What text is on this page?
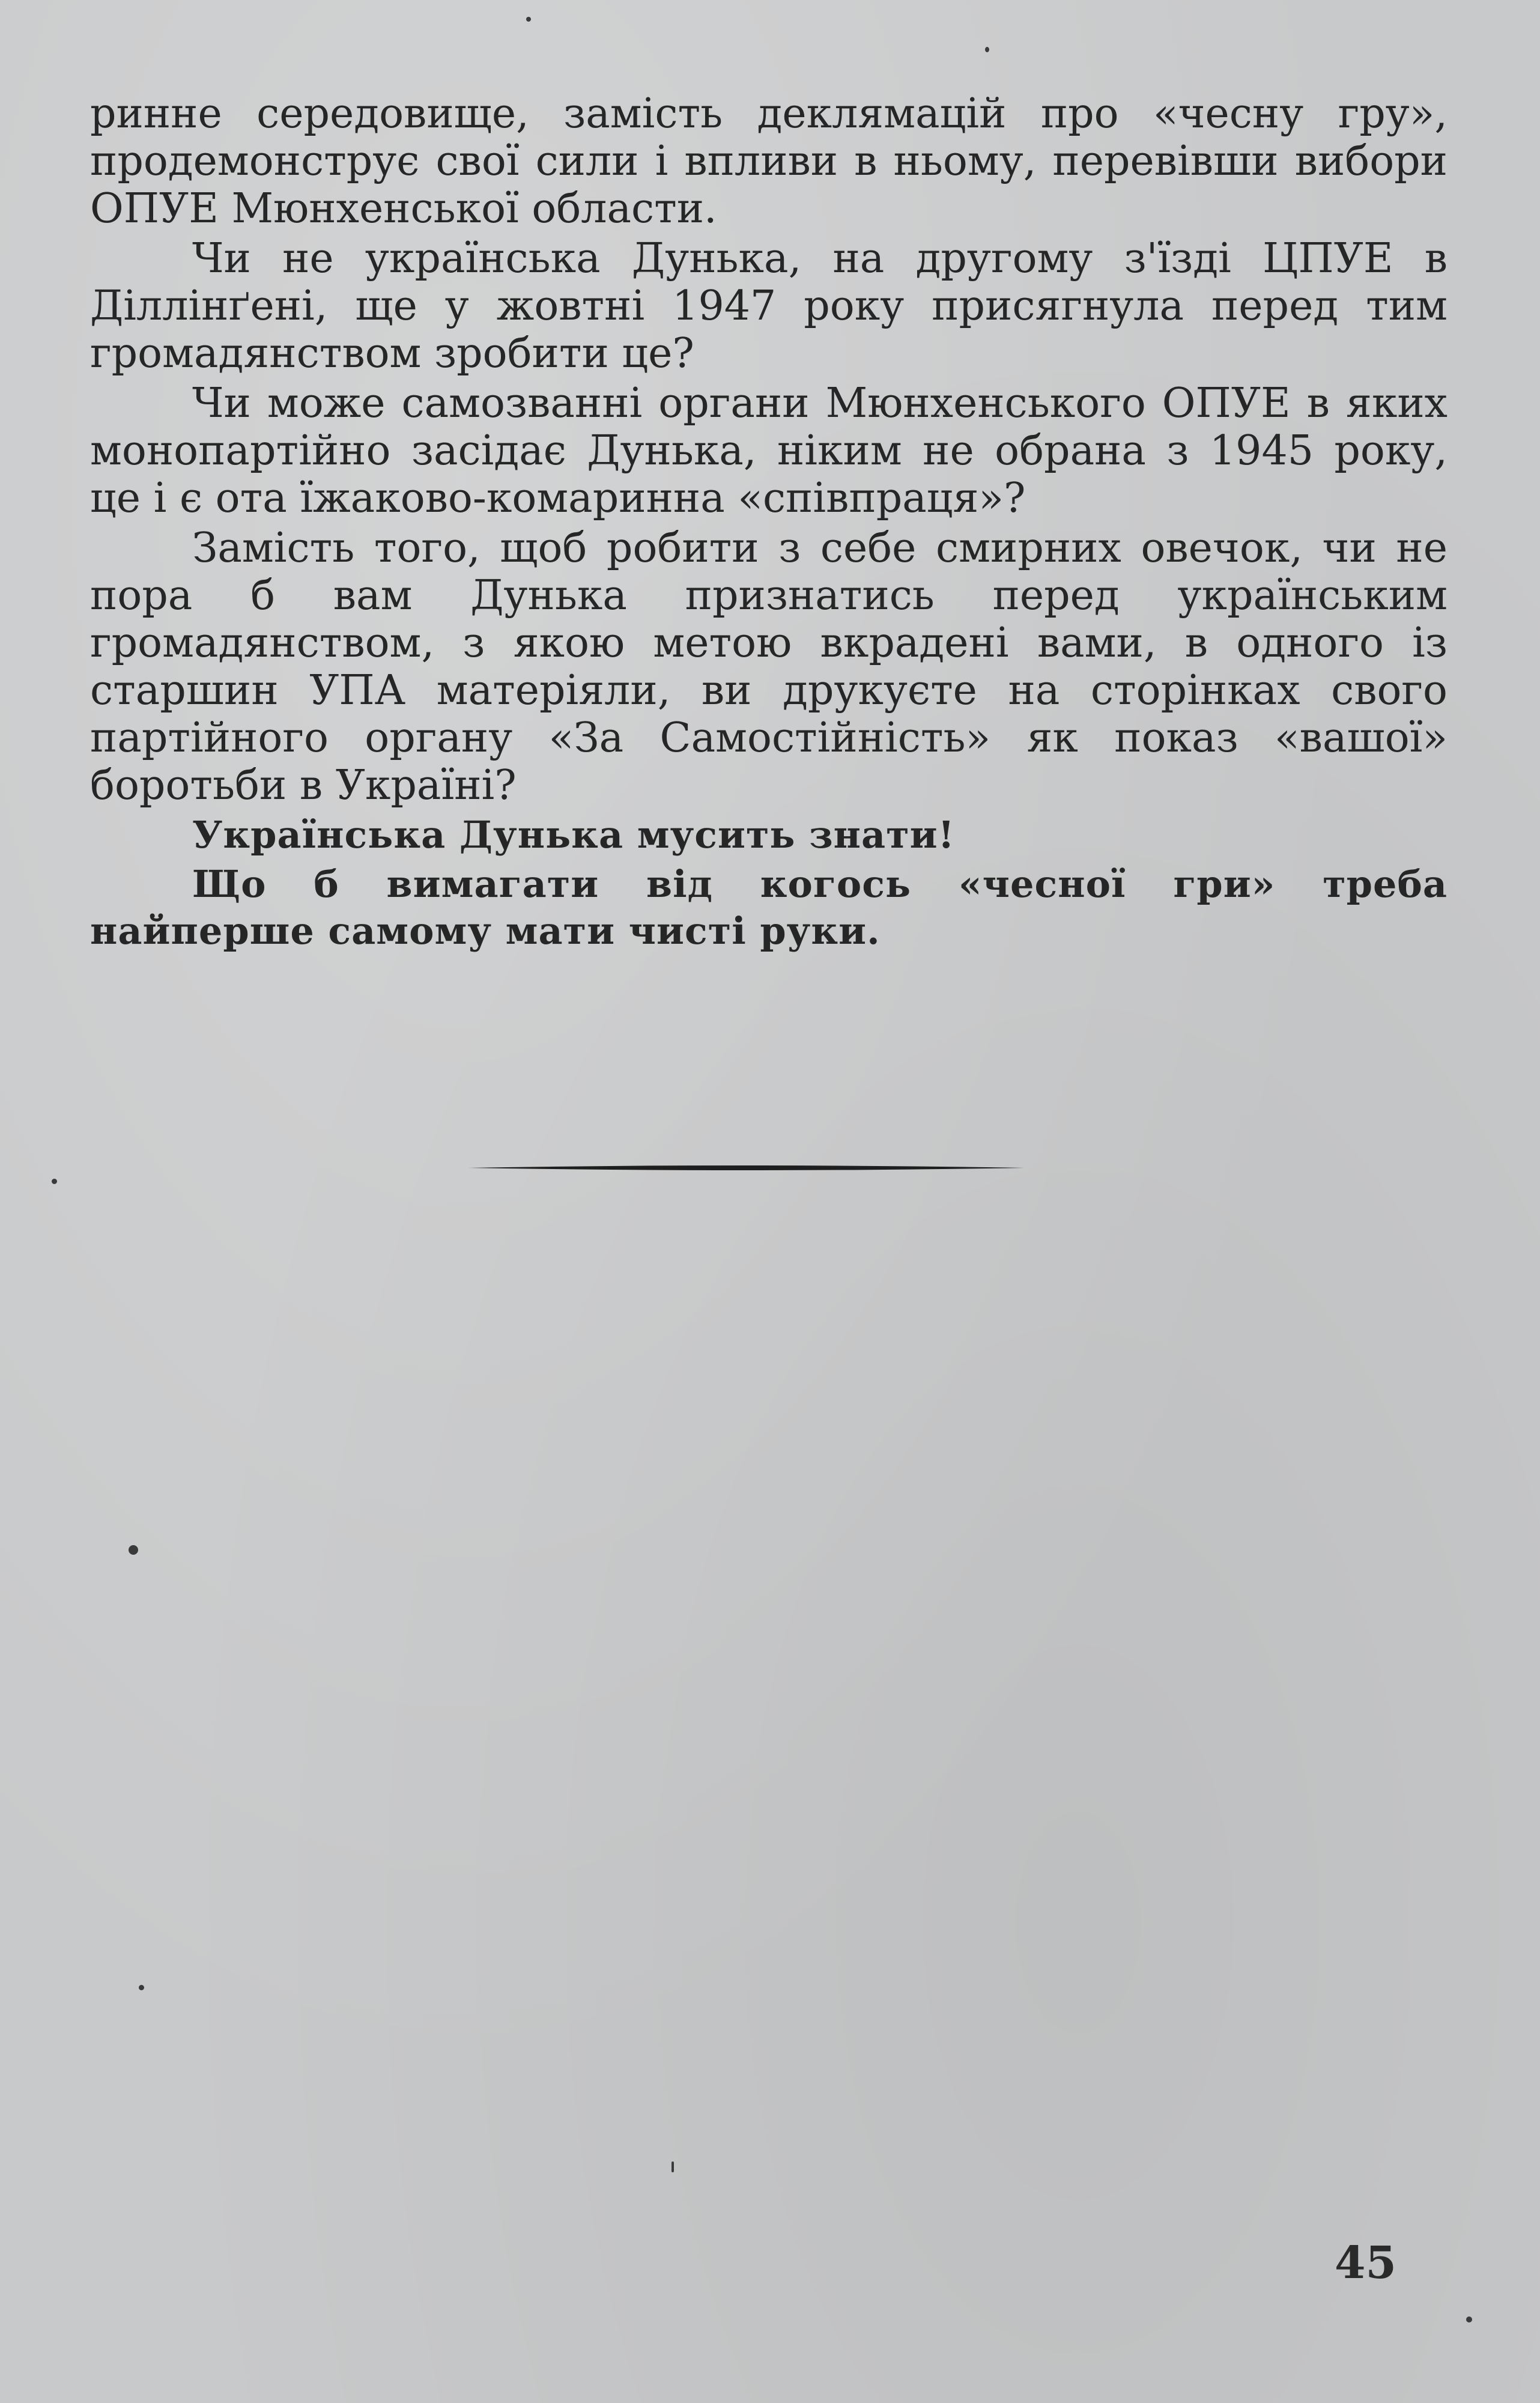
ринне середовище, замість деклямацій про «чесну гру», продемонструє свої сили і впливи в ньому, перевівши вибори ОПУЕ Мюнхенської области.

Чи не українська Дунька, на другому з'їзді ЦПУЕ в Діллінґені, ще у жовтні 1947 року присягнула перед тим громадянством зробити це?

Чи може самозванні органи Мюнхенського ОПУЕ в яких монопартійно засідає Дунька, ніким не обрана з 1945 року, це і є ота їжаково-комаринна «співпраця»?

Замість того, щоб робити з себе смирних овечок, чи не пора б вам Дунька признатись перед українським громадянством, з якою метою вкрадені вами, в одного із старшин УПА матеріяли, ви друкуєте на сторінках свого партійного органу «За Самостійність» як показ «вашої» боротьби в Україні?

Українська Дунька мусить знати!

Що б вимагати від когось «чесної гри» треба найперше самому мати чисті руки.

45
